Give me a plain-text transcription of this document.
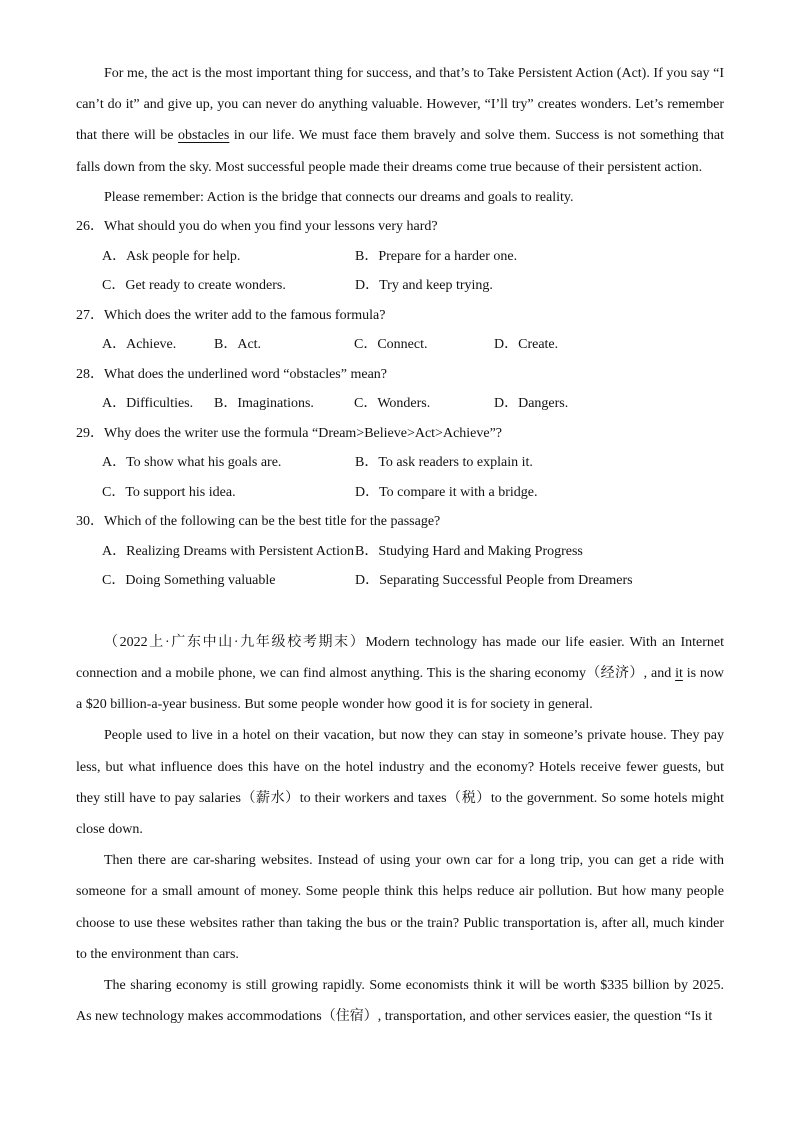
For me, the act is the most important thing for success, and that’s to Take Persistent Action (Act). If you say “I can’t do it” and give up, you can never do anything valuable. However, “I’ll try” creates wonders. Let’s remember that there will be obstacles in our life. We must face them bravely and solve them. Success is not something that falls down from the sky. Most successful people made their dreams come true because of their persistent action.

Please remember: Action is the bridge that connects our dreams and goals to reality.

26．What should you do when you find your lessons very hard?

A．Ask people for help.	B．Prepare for a harder one.
C．Get ready to create wonders.	D．Try and keep trying.

27．Which does the writer add to the famous formula?

A．Achieve.	B．Act.	C．Connect.	D．Create.

28．What does the underlined word “obstacles” mean?

A．Difficulties.	B．Imaginations.	C．Wonders.	D．Dangers.

29．Why does the writer use the formula “Dream>Believe>Act>Achieve”?

A．To show what his goals are.	B．To ask readers to explain it.
C．To support his idea.	D．To compare it with a bridge.

30．Which of the following can be the best title for the passage?

A．Realizing Dreams with Persistent Action B．Studying Hard and Making Progress
C．Doing Something valuable	D．Separating Successful People from Dreamers

（2022上·广东中山·九年级校考期末）Modern technology has made our life easier. With an Internet connection and a mobile phone, we can find almost anything. This is the sharing economy（经济）, and it is now a $20 billion-a-year business. But some people wonder how good it is for society in general.

People used to live in a hotel on their vacation, but now they can stay in someone’s private house. They pay less, but what influence does this have on the hotel industry and the economy? Hotels receive fewer guests, but they still have to pay salaries（薪水）to their workers and taxes（税）to the government. So some hotels might close down.

Then there are car-sharing websites. Instead of using your own car for a long trip, you can get a ride with someone for a small amount of money. Some people think this helps reduce air pollution. But how many people choose to use these websites rather than taking the bus or the train? Public transportation is, after all, much kinder to the environment than cars.

The sharing economy is still growing rapidly. Some economists think it will be worth $335 billion by 2025. As new technology makes accommodations（住宿）, transportation, and other services easier, the question “Is it
